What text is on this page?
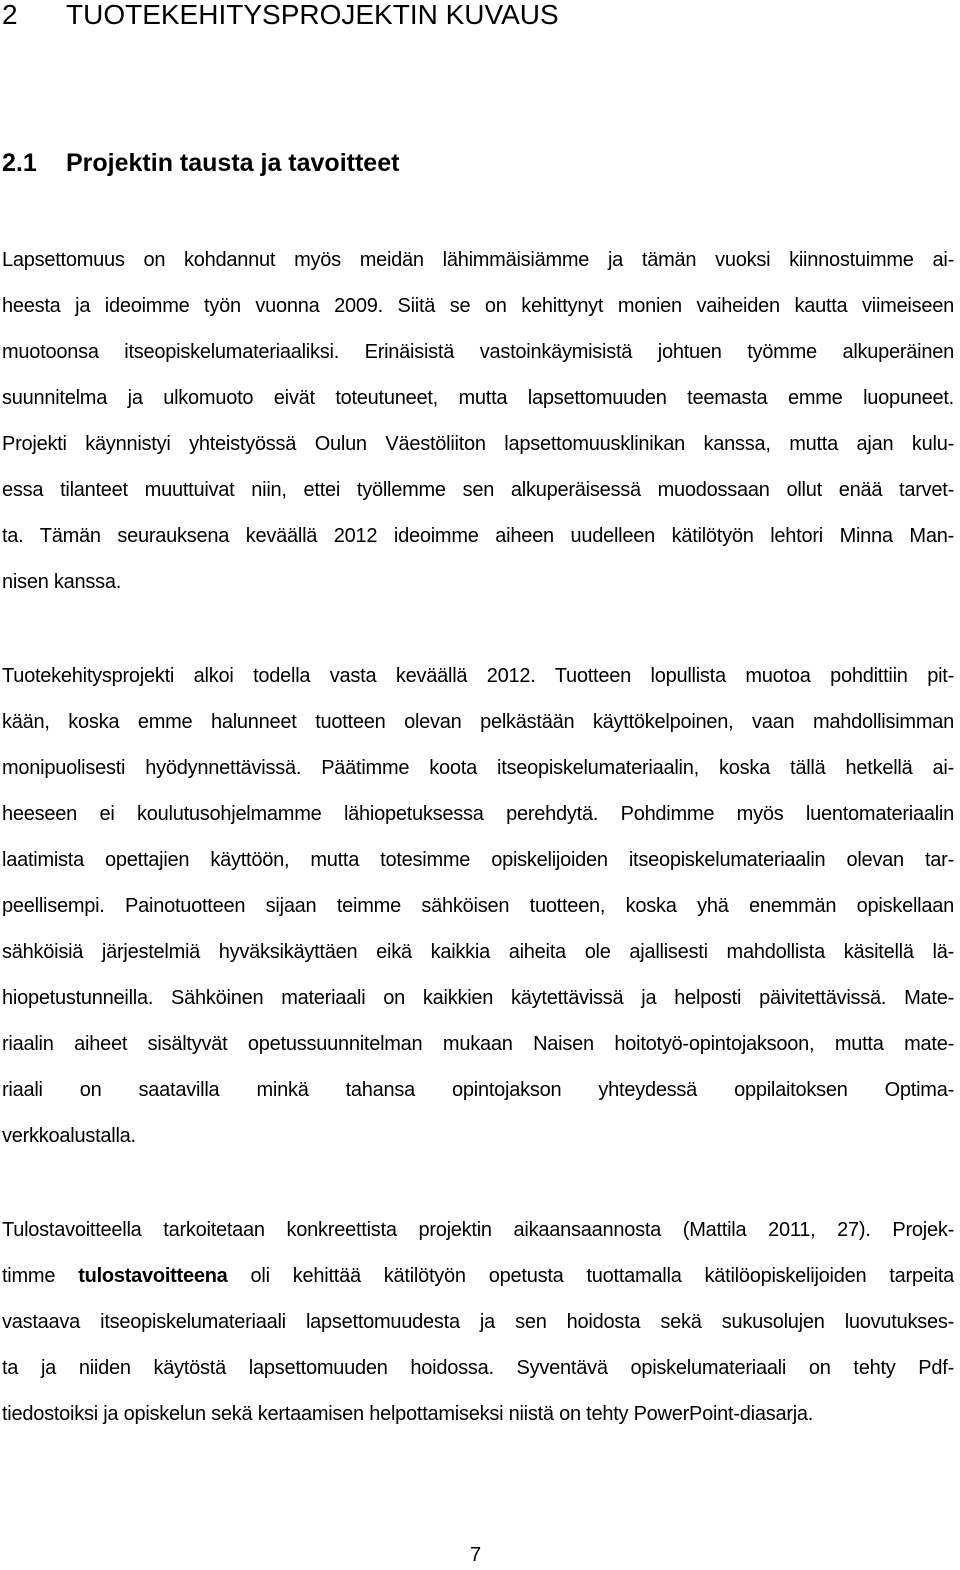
2 TUOTEKEHITYSPROJEKTIN KUVAUS
2.1 Projektin tausta ja tavoitteet
Lapsettomuus on kohdannut myös meidän lähimmäisiämme ja tämän vuoksi kiinnostuimme ai-
heesta ja ideoimme työn vuonna 2009. Siitä se on kehittynyt monien vaiheiden kautta viimeiseen
muotoonsa itseopiskelumateriaaliksi. Erinäisistä vastoinkäymisistä johtuen työmme alkuperäinen
suunnitelma ja ulkomuoto eivät toteutuneet, mutta lapsettomuuden teemasta emme luopuneet.
Projekti käynnistyi yhteistyössä Oulun Väestöliiton lapsettomuusklinikan kanssa, mutta ajan kulu-
essa tilanteet muuttuivat niin, ettei työllemme sen alkuperäisessä muodossaan ollut enää tarvet-
ta. Tämän seurauksena keväällä 2012 ideoimme aiheen uudelleen kätilötyön lehtori Minna Man-
nisen kanssa.
Tuotekehitysprojekti alkoi todella vasta keväällä 2012. Tuotteen lopullista muotoa pohdittiin pit-
kään, koska emme halunneet tuotteen olevan pelkästään käyttökelpoinen, vaan mahdollisimman
monipuolisesti hyödynnettävissä. Päätimme koota itseopiskelumateriaalin, koska tällä hetkellä ai-
heeseen ei koulutusohjelmamme lähiopetuksessa perehdytä. Pohdimme myös luentomateriaalin
laatimista opettajien käyttöön, mutta totesimme opiskelijoiden itseopiskelumateriaalin olevan tar-
peellisempi. Painotuotteen sijaan teimme sähköisen tuotteen, koska yhä enemmän opiskellaan
sähköisiä järjestelmiä hyväksikäyttäen eikä kaikkia aiheita ole ajallisesti mahdollista käsitellä lä-
hiopetustunneilla. Sähköinen materiaali on kaikkien käytettävissä ja helposti päivitettävissä. Mate-
riaalin aiheet sisältyvät opetussuunnitelman mukaan Naisen hoitotyö-opintojaksoon, mutta mate-
riaali on saatavilla minkä tahansa opintojakson yhteydessä oppilaitoksen Optima-
verkkoalustalla.
Tulostavoitteella tarkoitetaan konkreettista projektin aikaansaannosta (Mattila 2011, 27). Projek-
timme tulostavoitteena oli kehittää kätilötyön opetusta tuottamalla kätilöopiskelijoiden tarpeita
vastaava itseopiskelumateriaali lapsettomuudesta ja sen hoidosta sekä sukusolujen luovutukses-
ta ja niiden käytöstä lapsettomuuden hoidossa. Syventävä opiskelumateriaali on tehty Pdf-
tiedostoiksi ja opiskelun sekä kertaamisen helpottamiseksi niistä on tehty PowerPoint-diasarja.
7
